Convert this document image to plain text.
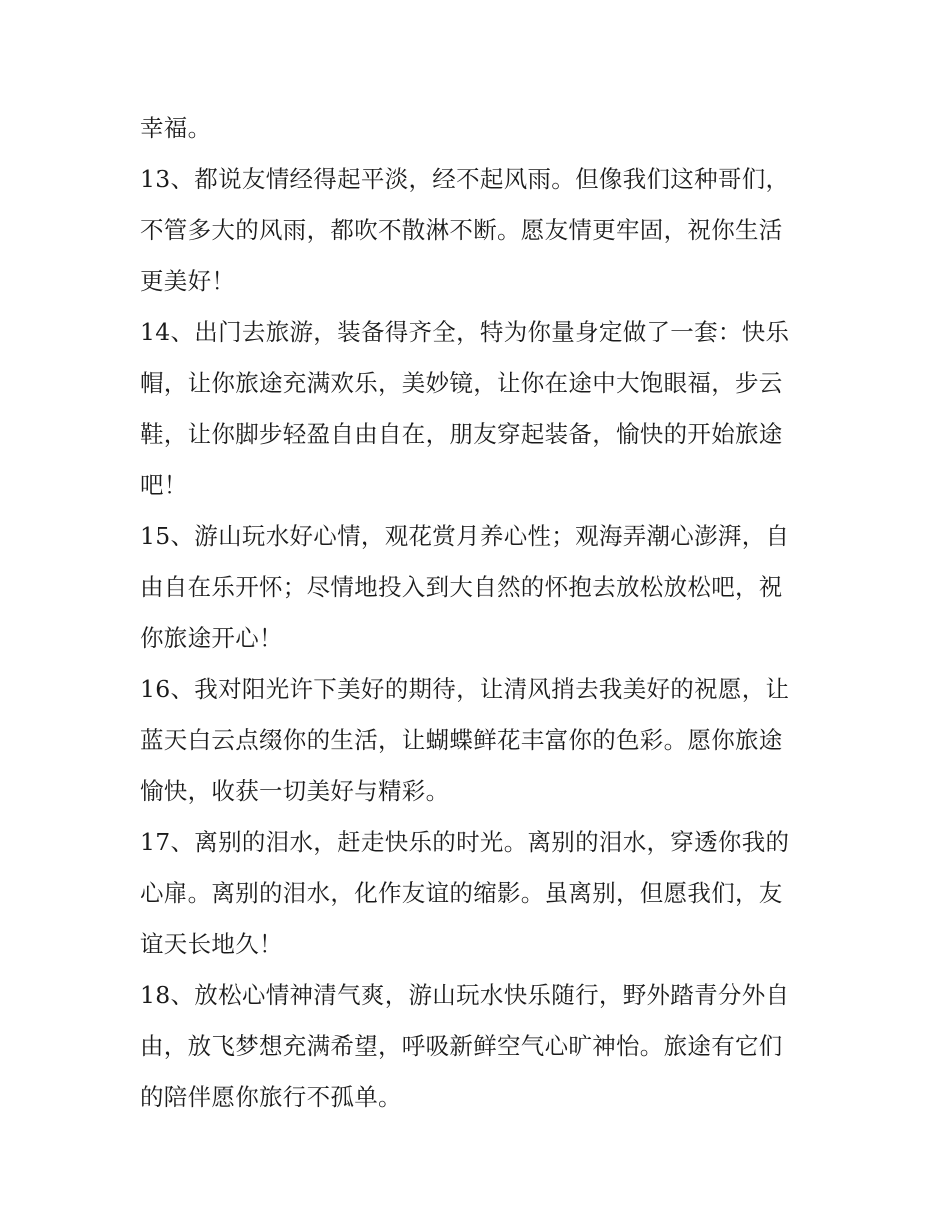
幸福。
13、都说友情经得起平淡，经不起风雨。但像我们这种哥们，
不管多大的风雨，都吹不散淋不断。愿友情更牢固，祝你生活
更美好！
14、出门去旅游，装备得齐全，特为你量身定做了一套：快乐
帽，让你旅途充满欢乐，美妙镜，让你在途中大饱眼福，步云
鞋，让你脚步轻盈自由自在，朋友穿起装备，愉快的开始旅途
吧！
15、游山玩水好心情，观花赏月养心性；观海弄潮心澎湃，自
由自在乐开怀；尽情地投入到大自然的怀抱去放松放松吧，祝
你旅途开心！
16、我对阳光许下美好的期待，让清风捎去我美好的祝愿，让
蓝天白云点缀你的生活，让蝴蝶鲜花丰富你的色彩。愿你旅途
愉快，收获一切美好与精彩。
17、离别的泪水，赶走快乐的时光。离别的泪水，穿透你我的
心扉。离别的泪水，化作友谊的缩影。虽离别，但愿我们，友
谊天长地久！
18、放松心情神清气爽，游山玩水快乐随行，野外踏青分外自
由，放飞梦想充满希望，呼吸新鲜空气心旷神怡。旅途有它们
的陪伴愿你旅行不孤单。
